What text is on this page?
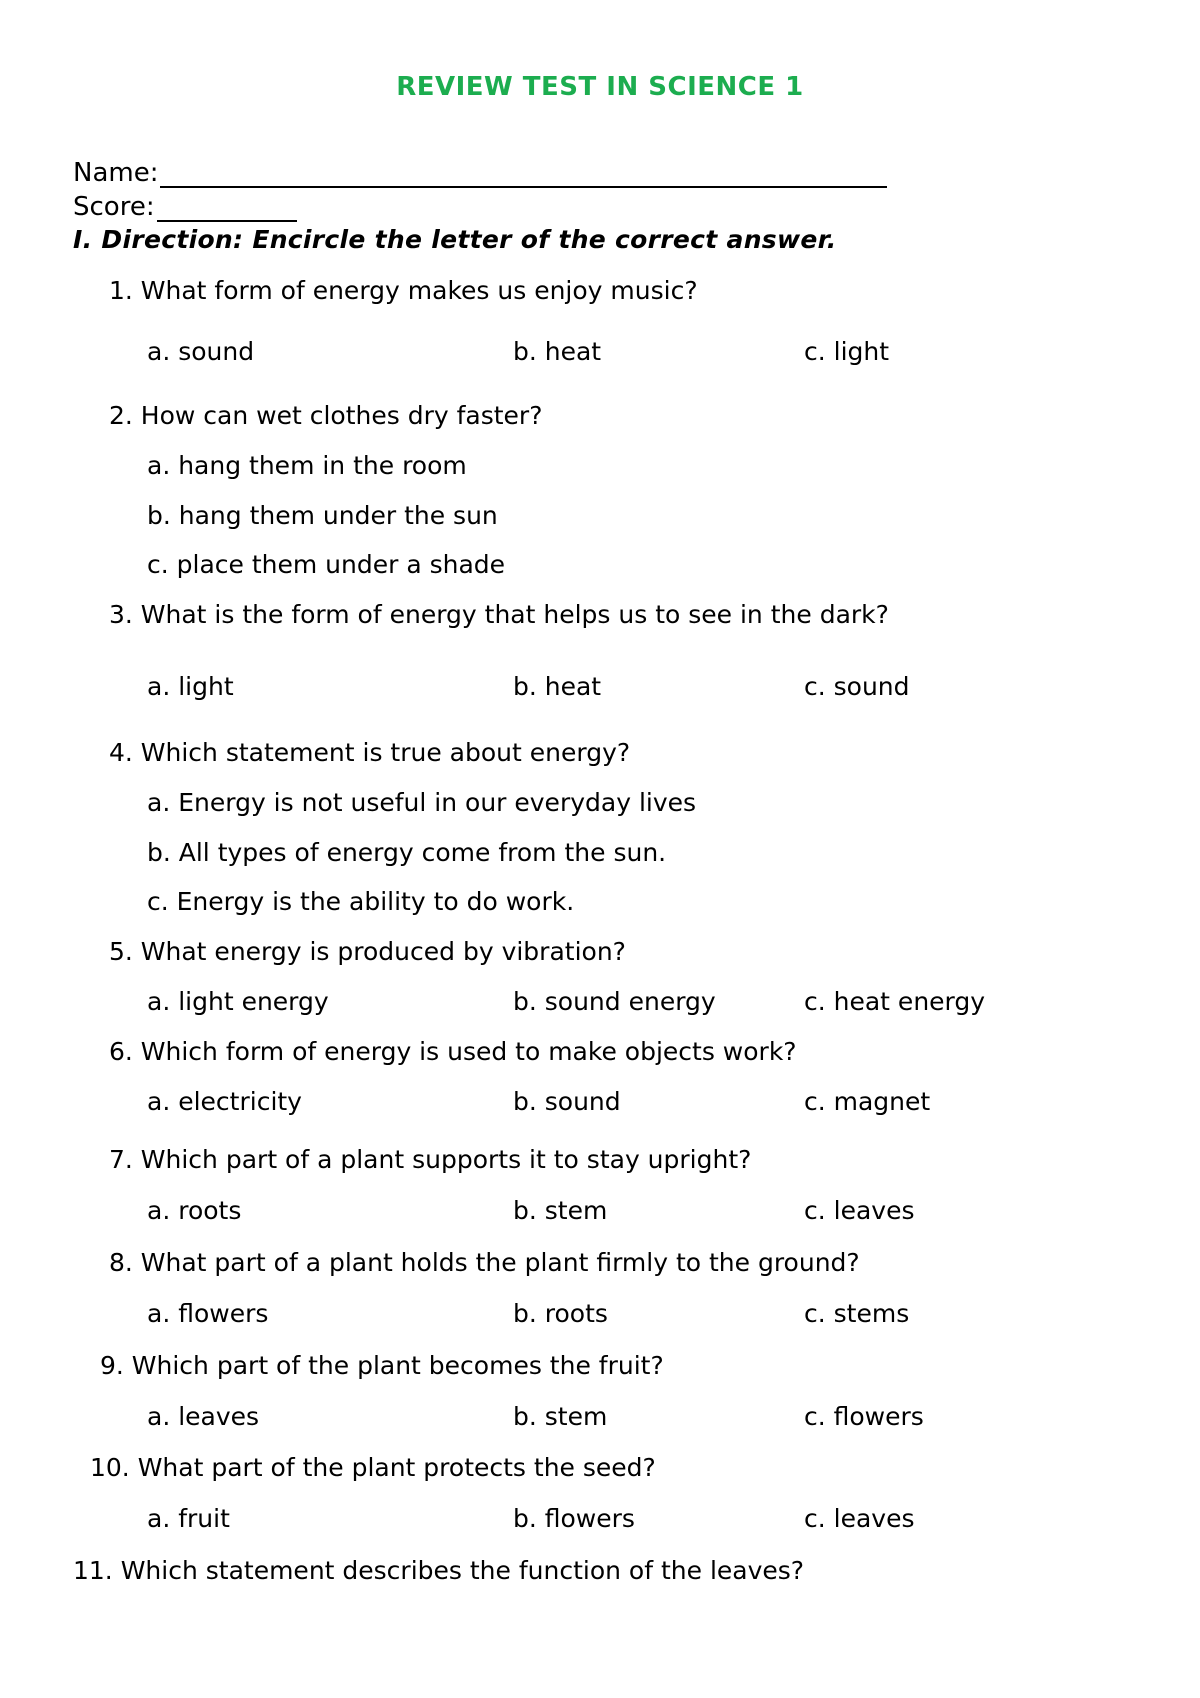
REVIEW TEST IN SCIENCE 1
Name:
Score:
I. Direction: Encircle the letter of the correct answer.
1. What form of energy makes us enjoy music?
a. sound	b. heat	c. light
2. How can wet clothes dry faster?
a. hang them in the room
b. hang them under the sun
c. place them under a shade
3. What is the form of energy that helps us to see in the dark?
a. light	b. heat	c. sound
4. Which statement is true about energy?
a. Energy is not useful in our everyday lives
b. All types of energy come from the sun.
c. Energy is the ability to do work.
5. What energy is produced by vibration?
a. light energy	b. sound energy	c. heat energy
6. Which form of energy is used to make objects work?
a. electricity	b. sound	c. magnet
7. Which part of a plant supports it to stay upright?
a. roots	b. stem	c. leaves
8. What part of a plant holds the plant firmly to the ground?
a. flowers	b. roots	c. stems
9. Which part of the plant becomes the fruit?
a. leaves	b. stem	c. flowers
10. What part of the plant protects the seed?
a. fruit	b. flowers	c. leaves
11. Which statement describes the function of the leaves?
